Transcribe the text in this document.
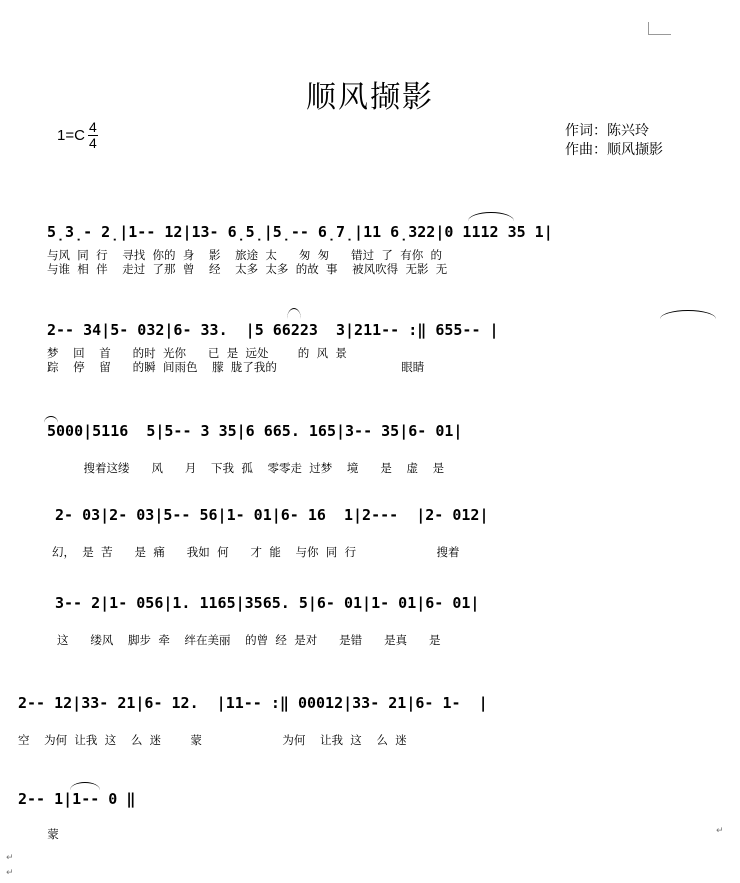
顺风撷影
$1=C \frac{4}{4}$	作词：陈兴玲
作曲：顺风撷影
5̣3̣- 2̣|1-- 12|13- 6̣5̣|5̣-- 6̣7̣|11 6̣322|0 1112 35 1|
与风  同  行    寻找  你的  身    影    旅途  太      匆  匆      错过  了  有你  的
与谁  相  伴    走过  了那  曾    经    太多  太多  的故  事    被风吹得  无影  无
2-- 34|5- 032|6- 33.  |5 66223  3|211-- :‖ 655-- |
梦    回    首      的时  光你      已  是  远处        的  风  景
踪    停    留      的瞬  间雨色    朦  胧了我的                                  眼睛
5000|5116  5|5-- 3 35|6 665. 165|3-- 35|6- 01|
搜着这缕      风      月    下我  孤    零零走  过梦    境      是    虚    是
2- 03|2- 03|5-- 56|1- 01|6- 16  1|2---  |2- 012|
幻，  是  苦      是  痛      我如  何      才  能    与你  同  行                      搜着
3-- 2|1- 056|1. 1165|3565. 5|6- 01|1- 01|6- 01|
这      缕风    脚步  牵    绊在美丽    的曾  经  是对      是错      是真      是
2-- 12|33- 21|6- 12.  |11-- :‖ 00012|33- 21|6- 1-  |
空    为何  让我  这    么  迷        蒙                      为何    让我  这    么  迷
2-- 1|1-- 0 ‖
蒙	↵
↵
↵
